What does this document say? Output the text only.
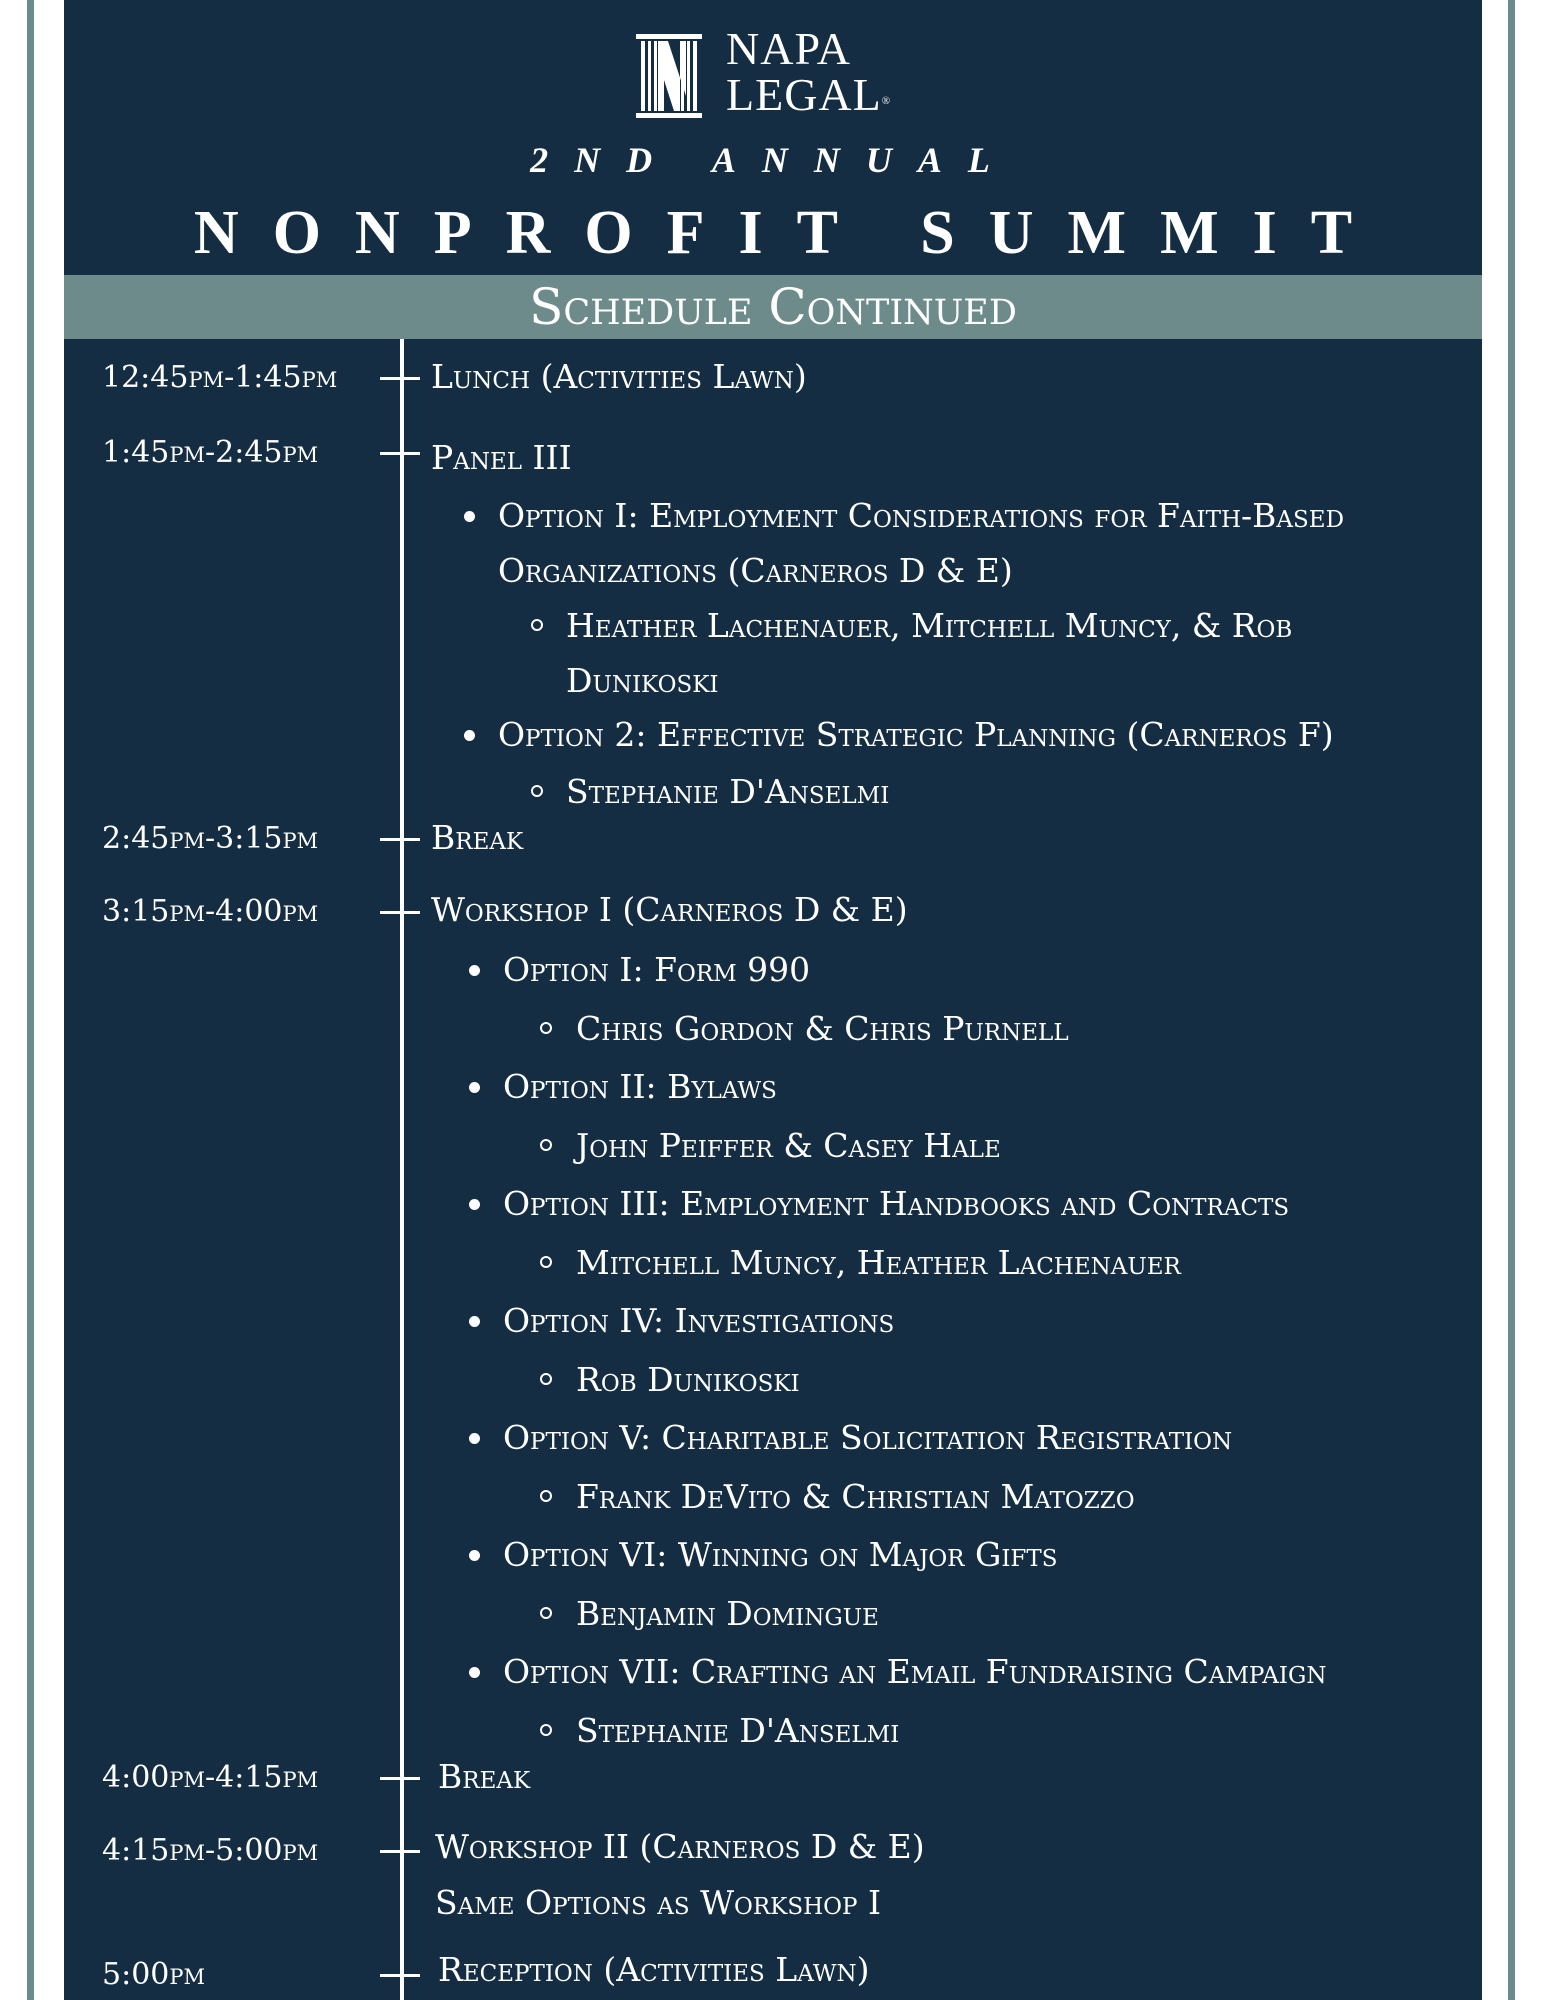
NAPA
LEGAL®
2ND ANNUAL
NONPROFIT SUMMIT
Schedule Continued
12:45pm-1:45pm	Lunch (Activities Lawn)
1:45pm-2:45pm	Panel III
Option I: Employment Considerations for Faith-Based
Organizations (Carneros D & E)
Heather Lachenauer, Mitchell Muncy, & Rob
Dunikoski
Option 2: Effective Strategic Planning (Carneros F)
Stephanie D'Anselmi
2:45pm-3:15pm	Break
3:15pm-4:00pm	Workshop I (Carneros D & E)
Option I: Form 990
Chris Gordon & Chris Purnell
Option II: Bylaws
John Peiffer & Casey Hale
Option III: Employment Handbooks and Contracts
Mitchell Muncy, Heather Lachenauer
Option IV: Investigations
Rob Dunikoski
Option V: Charitable Solicitation Registration
Frank DeVito & Christian Matozzo
Option VI: Winning on Major Gifts
Benjamin Domingue
Option VII: Crafting an Email Fundraising Campaign
Stephanie D'Anselmi
4:00pm-4:15pm	Break
4:15pm-5:00pm	Workshop II (Carneros D & E)
Same Options as Workshop I
5:00pm	Reception (Activities Lawn)
